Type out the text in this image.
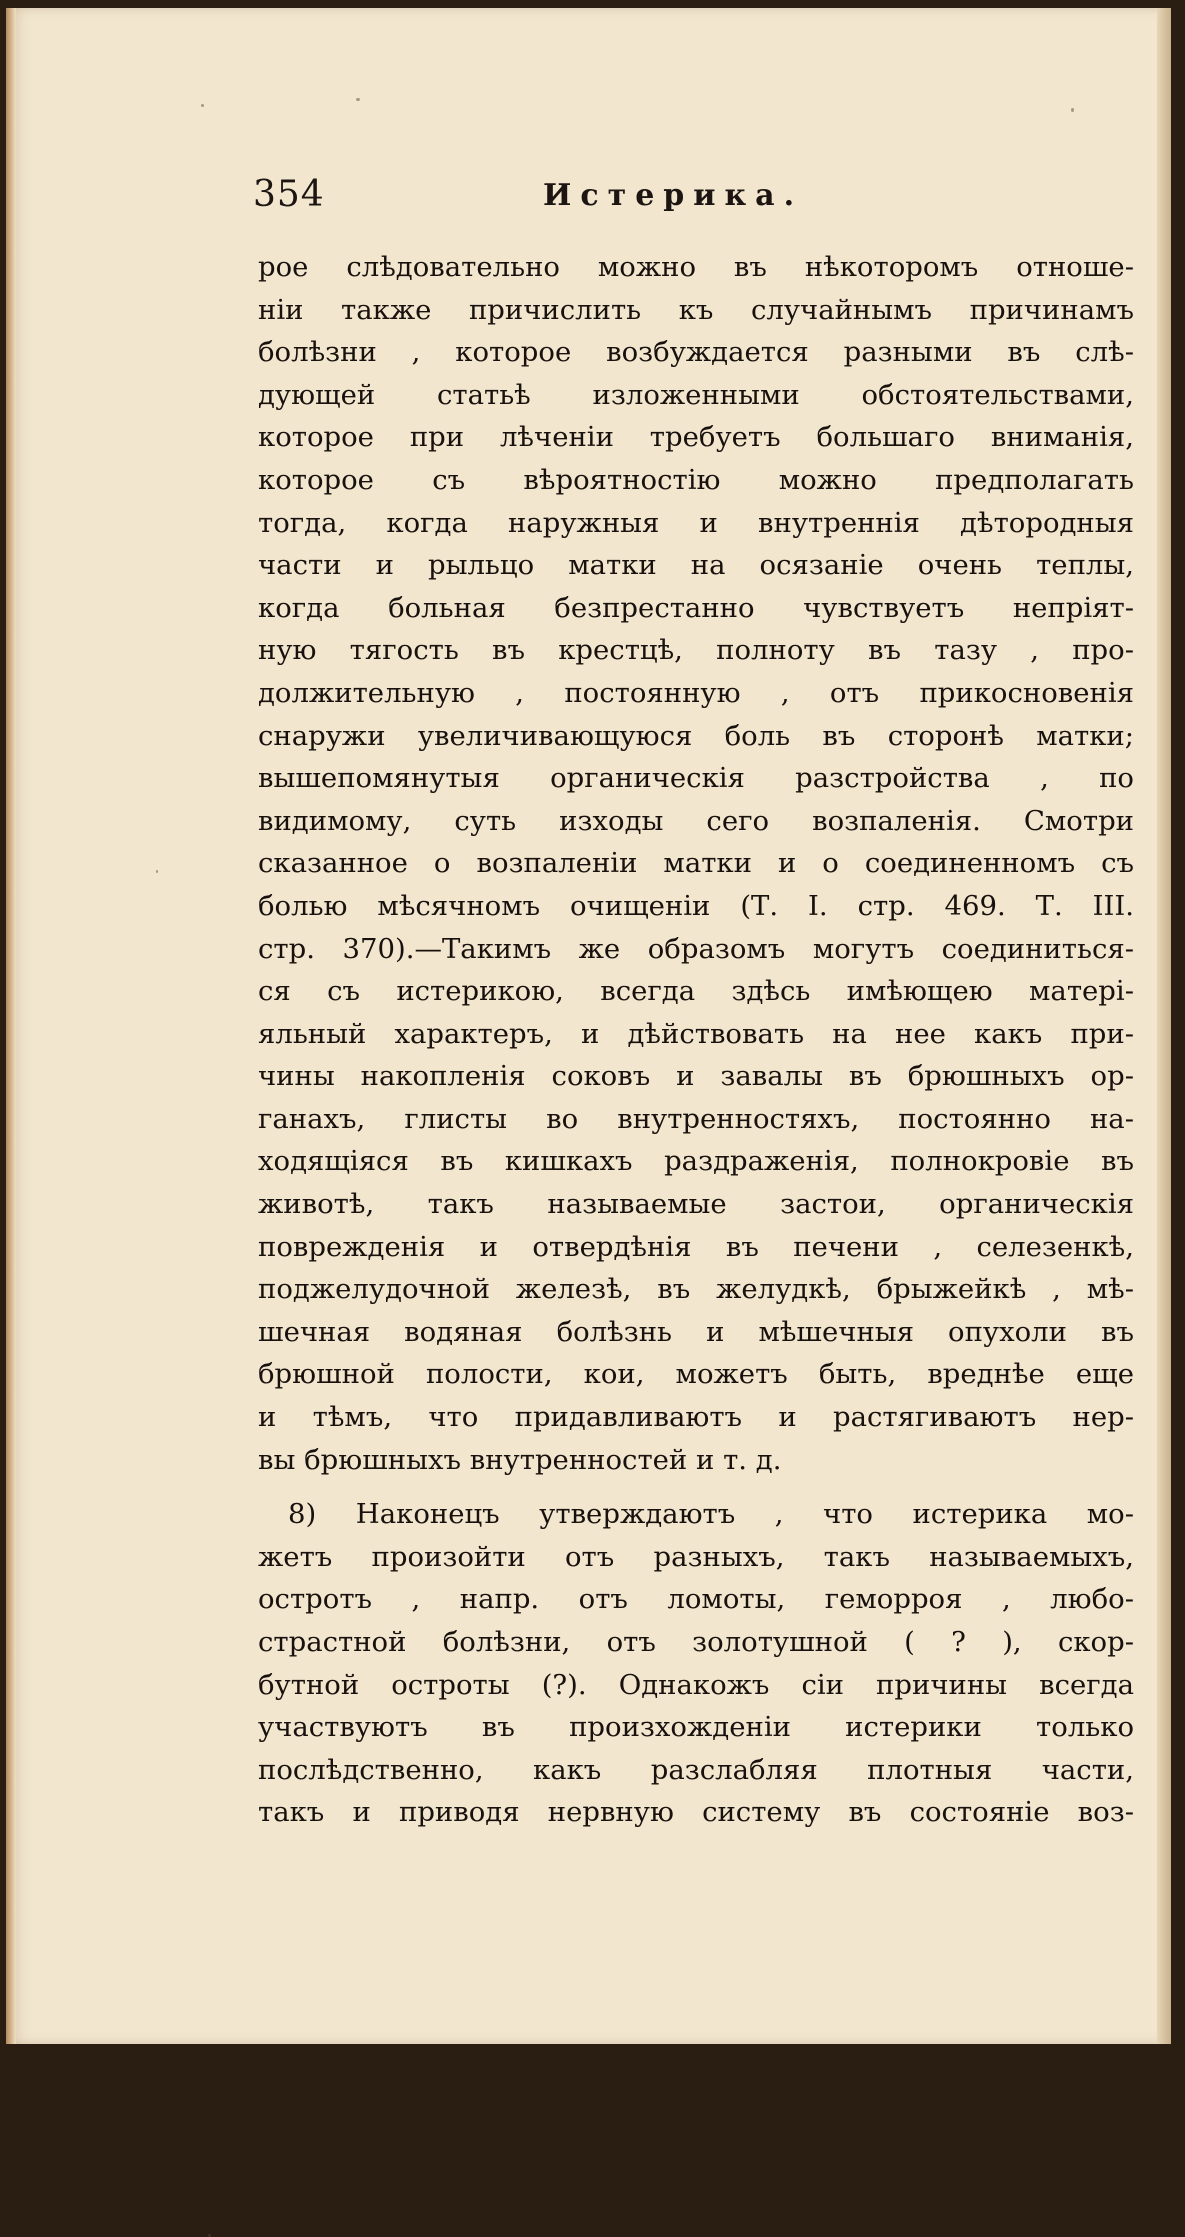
354	Истерика.
рое слѣдовательно можно въ нѣкоторомъ отноше-
нiи также причислить къ случайнымъ причинамъ
болѣзни , которое возбуждается разными въ слѣ-
дующей статьѣ изложенными обстоятельствами,
которое при лѣченiи требуетъ большаго вниманiя,
которое съ вѣроятностiю можно предполагать
тогда, когда наружныя и внутреннiя дѣтородныя
части и рыльцо матки на осязанiе очень теплы,
когда больная безпрестанно чувствуетъ непрiят-
ную тягость въ крестцѣ, полноту въ тазу , про-
должительную , постоянную , отъ прикосновенiя
снаружи увеличивающуюся боль въ сторонѣ матки;
вышепомянутыя органическiя разстройства , по
видимому, суть изходы сего возпаленiя. Смотри
сказанное о возпаленiи матки и о соединенномъ съ
болью мѣсячномъ очищенiи (Т. I. стр. 469. Т. III.
стр. 370).—Такимъ же образомъ могутъ соединиться-
ся съ истерикою, всегда здѣсь имѣющею матерi-
яльный характеръ, и дѣйствовать на нее какъ при-
чины накопленiя соковъ и завалы въ брюшныхъ ор-
ганахъ, глисты во внутренностяхъ, постоянно на-
ходящiяся въ кишкахъ раздраженiя, полнокровiе въ
животѣ, такъ называемые застои, органическiя
поврежденiя и отвердѣнiя въ печени , селезенкѣ,
поджелудочной железѣ, въ желудкѣ, брыжейкѣ , мѣ-
шечная водяная болѣзнь и мѣшечныя опухоли въ
брюшной полости, кои, можетъ быть, вреднѣе еще
и тѣмъ, что придавливаютъ и растягиваютъ нер-
вы брюшныхъ внутренностей и т. д.
8) Наконецъ утверждаютъ , что истерика мо-
жетъ произойти отъ разныхъ, такъ называемыхъ,
остротъ , напр. отъ ломоты, геморроя , любо-
страстной болѣзни, отъ золотушной ( ? ), скор-
бутной остроты (?). Однакожъ сiи причины всегда
участвуютъ въ произхожденiи истерики только
послѣдственно, какъ разслабляя плотныя части,
такъ и приводя нервную систему въ состоянiе воз-
